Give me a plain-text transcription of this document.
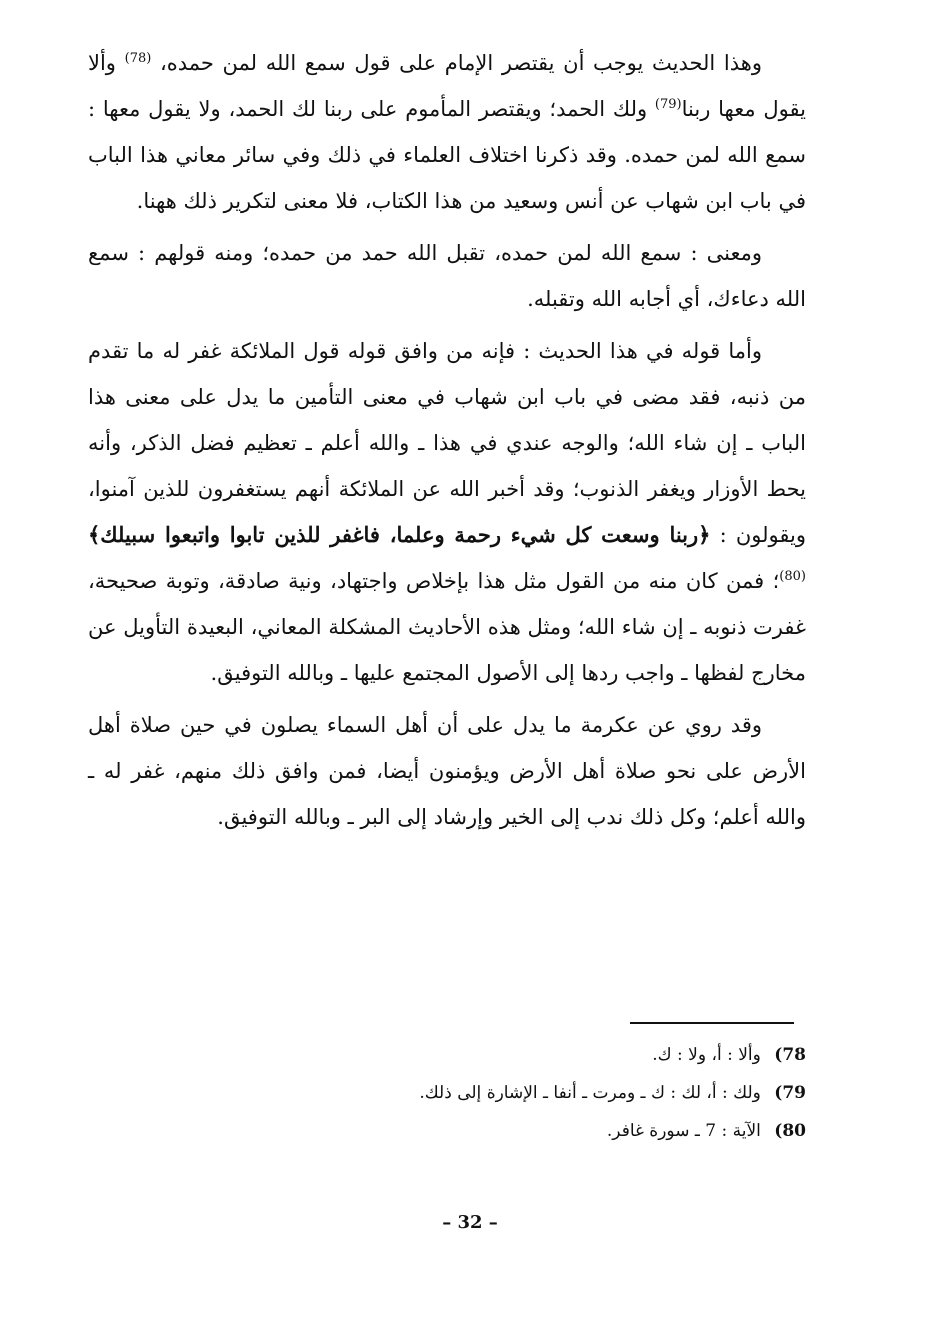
وهذا الحديث يوجب أن يقتصر الإمام على قول سمع الله لمن حمده، $^{(78)}$ وألا يقول معها ربنا$^{(79)}$ ولك الحمد؛ ويقتصر المأموم على ربنا لك الحمد، ولا يقول معها : سمع الله لمن حمده. وقد ذكرنا اختلاف العلماء في ذلك وفي سائر معاني هذا الباب في باب ابن شهاب عن أنس وسعيد من هذا الكتاب، فلا معنى لتكرير ذلك ههنا.

ومعنى : سمع الله لمن حمده، تقبل الله حمد من حمده؛ ومنه قولهم : سمع الله دعاءك، أي أجابه الله وتقبله.

وأما قوله في هذا الحديث : فإنه من وافق قوله قول الملائكة غفر له ما تقدم من ذنبه، فقد مضى في باب ابن شهاب في معنى التأمين ما يدل على معنى هذا الباب ـ إن شاء الله؛ والوجه عندي في هذا ـ والله أعلم ـ تعظيم فضل الذكر، وأنه يحط الأوزار ويغفر الذنوب؛ وقد أخبر الله عن الملائكة أنهم يستغفرون للذين آمنوا، ويقولون : ﴿ربنا وسعت كل شيء رحمة وعلما، فاغفر للذين تابوا واتبعوا سبيلك﴾$^{(80)}$؛ فمن كان منه من القول مثل هذا بإخلاص واجتهاد، ونية صادقة، وتوبة صحيحة، غفرت ذنوبه ـ إن شاء الله؛ ومثل هذه الأحاديث المشكلة المعاني، البعيدة التأويل عن مخارج لفظها ـ واجب ردها إلى الأصول المجتمع عليها ـ وبالله التوفيق.

وقد روي عن عكرمة ما يدل على أن أهل السماء يصلون في حين صلاة أهل الأرض على نحو صلاة أهل الأرض ويؤمنون أيضا، فمن وافق ذلك منهم، غفر له ـ والله أعلم؛ وكل ذلك ندب إلى الخير وإرشاد إلى البر ـ وبالله التوفيق.

78) وألا : أ، ولا : ك.

79) ولك : أ، لك : ك ـ ومرت ـ أنفا ـ الإشارة إلى ذلك.

80) الآية : 7 ـ سورة غافر.

– 32 –
